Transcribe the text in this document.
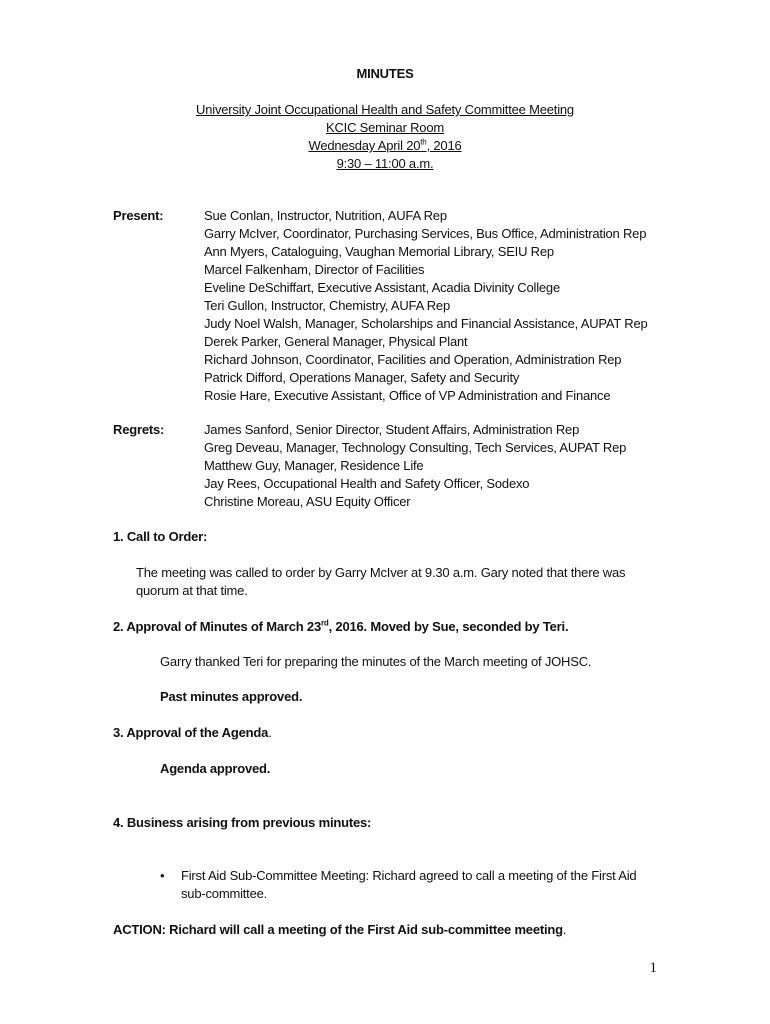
MINUTES
University Joint Occupational Health and Safety Committee Meeting
KCIC Seminar Room
Wednesday April 20th, 2016
9:30 – 11:00 a.m.
Present:	Sue Conlan, Instructor, Nutrition, AUFA Rep
Garry McIver, Coordinator, Purchasing Services, Bus Office, Administration Rep
Ann Myers, Cataloguing, Vaughan Memorial Library, SEIU Rep
Marcel Falkenham, Director of Facilities
Eveline DeSchiffart, Executive Assistant, Acadia Divinity College
Teri Gullon, Instructor, Chemistry, AUFA Rep
Judy Noel Walsh, Manager, Scholarships and Financial Assistance, AUPAT Rep
Derek Parker, General Manager, Physical Plant
Richard Johnson, Coordinator, Facilities and Operation, Administration Rep
Patrick Difford, Operations Manager, Safety and Security
Rosie Hare, Executive Assistant, Office of VP Administration and Finance
Regrets:	James Sanford, Senior Director, Student Affairs, Administration Rep
Greg Deveau, Manager, Technology Consulting, Tech Services, AUPAT Rep
Matthew Guy, Manager, Residence Life
Jay Rees, Occupational Health and Safety Officer, Sodexo
Christine Moreau, ASU Equity Officer
1. Call to Order:
The meeting was called to order by Garry McIver at 9.30 a.m. Gary noted that there was
quorum at that time.
2. Approval of Minutes of March 23rd, 2016. Moved by Sue, seconded by Teri.
Garry thanked Teri for preparing the minutes of the March meeting of JOHSC.
Past minutes approved.
3. Approval of the Agenda.
Agenda approved.
4. Business arising from previous minutes:
• First Aid Sub-Committee Meeting: Richard agreed to call a meeting of the First Aid
sub-committee.
ACTION: Richard will call a meeting of the First Aid sub-committee meeting.
1
